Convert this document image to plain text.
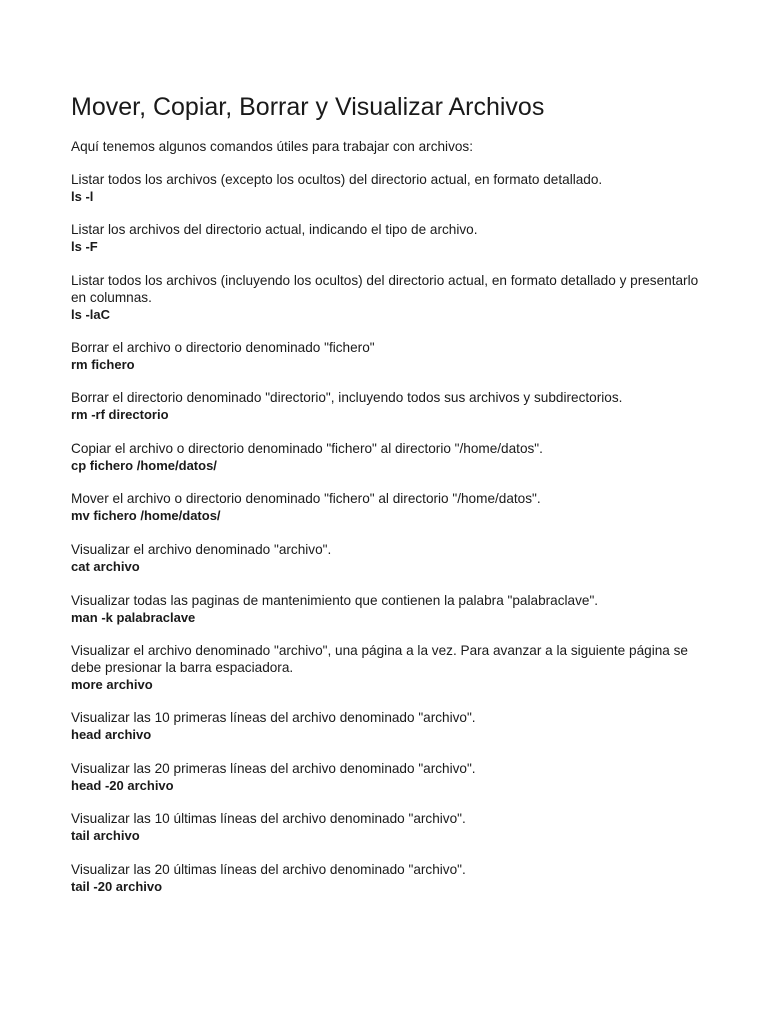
Mover, Copiar, Borrar y Visualizar Archivos

Aquí tenemos algunos comandos útiles para trabajar con archivos:

Listar todos los archivos (excepto los ocultos) del directorio actual, en formato detallado.

ls -l

Listar los archivos del directorio actual, indicando el tipo de archivo.

ls -F

Listar todos los archivos (incluyendo los ocultos) del directorio actual, en formato detallado y presentarlo en columnas.

ls -laC

Borrar el archivo o directorio denominado "fichero"

rm fichero

Borrar el directorio denominado "directorio", incluyendo todos sus archivos y subdirectorios.

rm -rf directorio

Copiar el archivo o directorio denominado "fichero" al directorio "/home/datos".

cp fichero /home/datos/

Mover el archivo o directorio denominado "fichero" al directorio "/home/datos".

mv fichero /home/datos/

Visualizar el archivo denominado "archivo".

cat archivo

Visualizar todas las paginas de mantenimiento que contienen la palabra "palabraclave".

man -k palabraclave

Visualizar el archivo denominado "archivo", una página a la vez. Para avanzar a la siguiente página se debe presionar la barra espaciadora.

more archivo

Visualizar las 10 primeras líneas del archivo denominado "archivo".

head archivo

Visualizar las 20 primeras líneas del archivo denominado "archivo".

head -20 archivo

Visualizar las 10 últimas líneas del archivo denominado "archivo".

tail archivo

Visualizar las 20 últimas líneas del archivo denominado "archivo".

tail -20 archivo
